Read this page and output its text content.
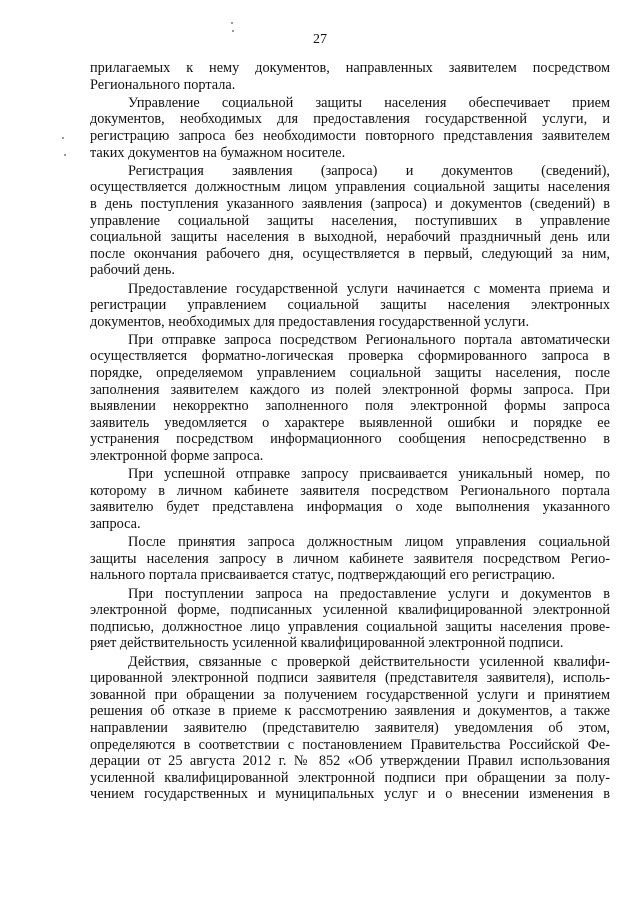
27
прилагаемых к нему документов, направленных заявителем посредством
Регионального портала.
Управление социальной защиты населения обеспечивает прием
документов, необходимых для предоставления государственной услуги, и
регистрацию запроса без необходимости повторного представления заявителем
таких документов на бумажном носителе.
Регистрация заявления (запроса) и документов (сведений),
осуществляется должностным лицом управления социальной защиты населения
в день поступления указанного заявления (запроса) и документов (сведений) в
управление социальной защиты населения, поступивших в управление
социальной защиты населения в выходной, нерабочий праздничный день или
после окончания рабочего дня, осуществляется в первый, следующий за ним,
рабочий день.
Предоставление государственной услуги начинается с момента приема и
регистрации управлением социальной защиты населения электронных
документов, необходимых для предоставления государственной услуги.
При отправке запроса посредством Регионального портала автоматически
осуществляется форматно-логическая проверка сформированного запроса в
порядке, определяемом управлением социальной защиты населения, после
заполнения заявителем каждого из полей электронной формы запроса. При
выявлении некорректно заполненного поля электронной формы запроса
заявитель уведомляется о характере выявленной ошибки и порядке ее
устранения посредством информационного сообщения непосредственно в
электронной форме запроса.
При успешной отправке запросу присваивается уникальный номер, по
которому в личном кабинете заявителя посредством Регионального портала
заявителю будет представлена информация о ходе выполнения указанного
запроса.
После принятия запроса должностным лицом управления социальной
защиты населения запросу в личном кабинете заявителя посредством Регио-
нального портала присваивается статус, подтверждающий его регистрацию.
При поступлении запроса на предоставление услуги и документов в
электронной форме, подписанных усиленной квалифицированной электронной
подписью, должностное лицо управления социальной защиты населения прове-
ряет действительность усиленной квалифицированной электронной подписи.
Действия, связанные с проверкой действительности усиленной квалифи-
цированной электронной подписи заявителя (представителя заявителя), исполь-
зованной при обращении за получением государственной услуги и принятием
решения об отказе в приеме к рассмотрению заявления и документов, а также
направлении заявителю (представителю заявителя) уведомления об этом,
определяются в соответствии с постановлением Правительства Российской Фе-
дерации от 25 августа 2012 г. № 852 «Об утверждении Правил использования
усиленной квалифицированной электронной подписи при обращении за полу-
чением государственных и муниципальных услуг и о внесении изменения в
